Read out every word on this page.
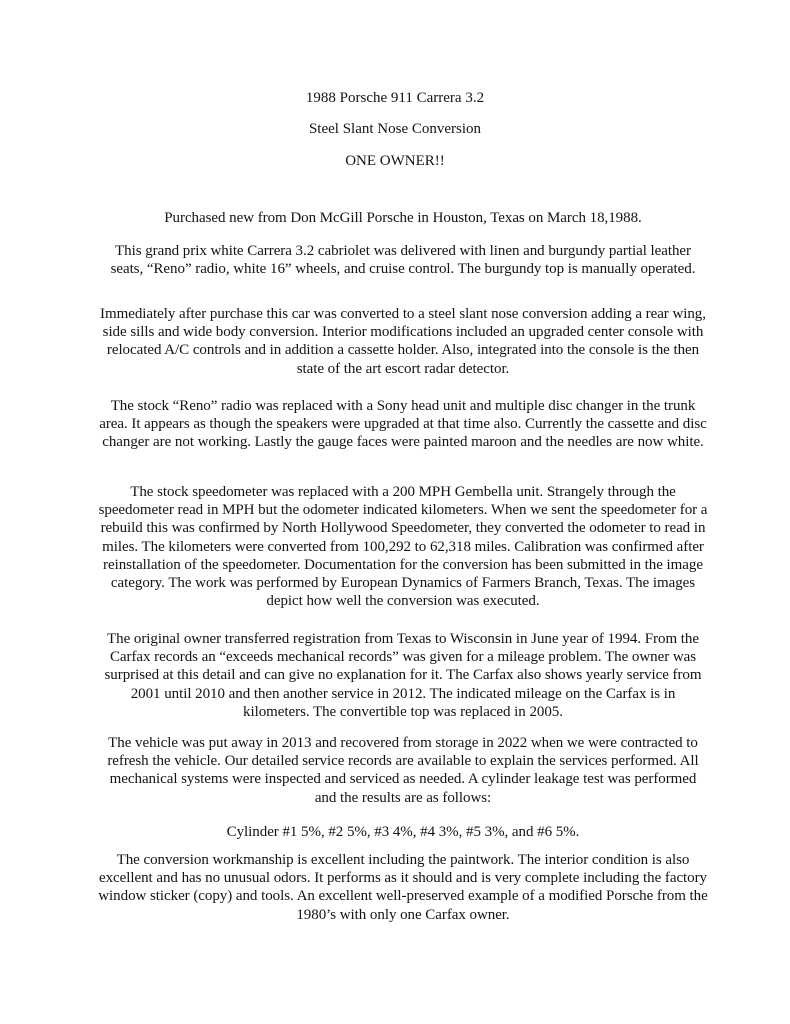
1988 Porsche 911 Carrera 3.2
Steel Slant Nose Conversion
ONE OWNER!!
Purchased new from Don McGill Porsche in Houston, Texas on March 18,1988.
This grand prix white Carrera 3.2 cabriolet was delivered with linen and burgundy partial leather seats, “Reno” radio, white 16” wheels, and cruise control. The burgundy top is manually operated.
Immediately after purchase this car was converted to a steel slant nose conversion adding a rear wing, side sills and wide body conversion. Interior modifications included an upgraded center console with relocated A/C controls and in addition a cassette holder. Also, integrated into the console is the then state of the art escort radar detector.
The stock “Reno” radio was replaced with a Sony head unit and multiple disc changer in the trunk area. It appears as though the speakers were upgraded at that time also. Currently the cassette and disc changer are not working. Lastly the gauge faces were painted maroon and the needles are now white.
The stock speedometer was replaced with a 200 MPH Gembella unit. Strangely through the speedometer read in MPH but the odometer indicated kilometers. When we sent the speedometer for a rebuild this was confirmed by North Hollywood Speedometer, they converted the odometer to read in miles. The kilometers were converted from 100,292 to 62,318 miles. Calibration was confirmed after reinstallation of the speedometer. Documentation for the conversion has been submitted in the image category. The work was performed by European Dynamics of Farmers Branch, Texas. The images depict how well the conversion was executed.
The original owner transferred registration from Texas to Wisconsin in June year of 1994. From the Carfax records an “exceeds mechanical records” was given for a mileage problem. The owner was surprised at this detail and can give no explanation for it. The Carfax also shows yearly service from 2001 until 2010 and then another service in 2012. The indicated mileage on the Carfax is in kilometers. The convertible top was replaced in 2005.
The vehicle was put away in 2013 and recovered from storage in 2022 when we were contracted to refresh the vehicle. Our detailed service records are available to explain the services performed. All mechanical systems were inspected and serviced as needed. A cylinder leakage test was performed and the results are as follows:
Cylinder #1 5%, #2 5%, #3 4%, #4 3%, #5 3%, and #6 5%.
The conversion workmanship is excellent including the paintwork. The interior condition is also excellent and has no unusual odors. It performs as it should and is very complete including the factory window sticker (copy) and tools. An excellent well-preserved example of a modified Porsche from the 1980’s with only one Carfax owner.
